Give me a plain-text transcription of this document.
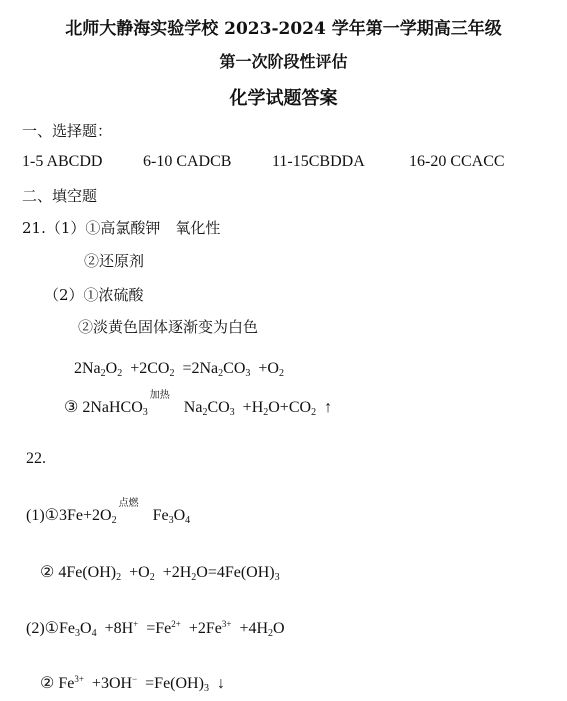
北师大静海实验学校 2023-2024 学年第一学期高三年级
第一次阶段性评估
化学试题答案
一、选择题：
1-5 ABCDD	6-10 CADCB	11-15CBDDA	16-20 CCACC
二、填空题
21.（1）①高氯酸钾　氧化性
②还原剂
（2）①浓硫酸
②淡黄色固体逐渐变为白色
$2Na_2O_2 +2CO_2 =2Na_2CO_3 +O_2$
③ 2NaHCO$_3$
加热
$Na_2CO_3 +H_2O+CO_2$ ↑
22.
$(1)①3Fe+2O_2$
点燃
$Fe_3O_4$
② $4Fe(OH)_2 +O_2 +2H_2O=4Fe(OH)_3$
$(2)①Fe_3O_4 +8H^+ =Fe^{2+} +2Fe^{3+} +4H_2O$
② $Fe^{3+} +3OH^- =Fe(OH)_3$ ↓
